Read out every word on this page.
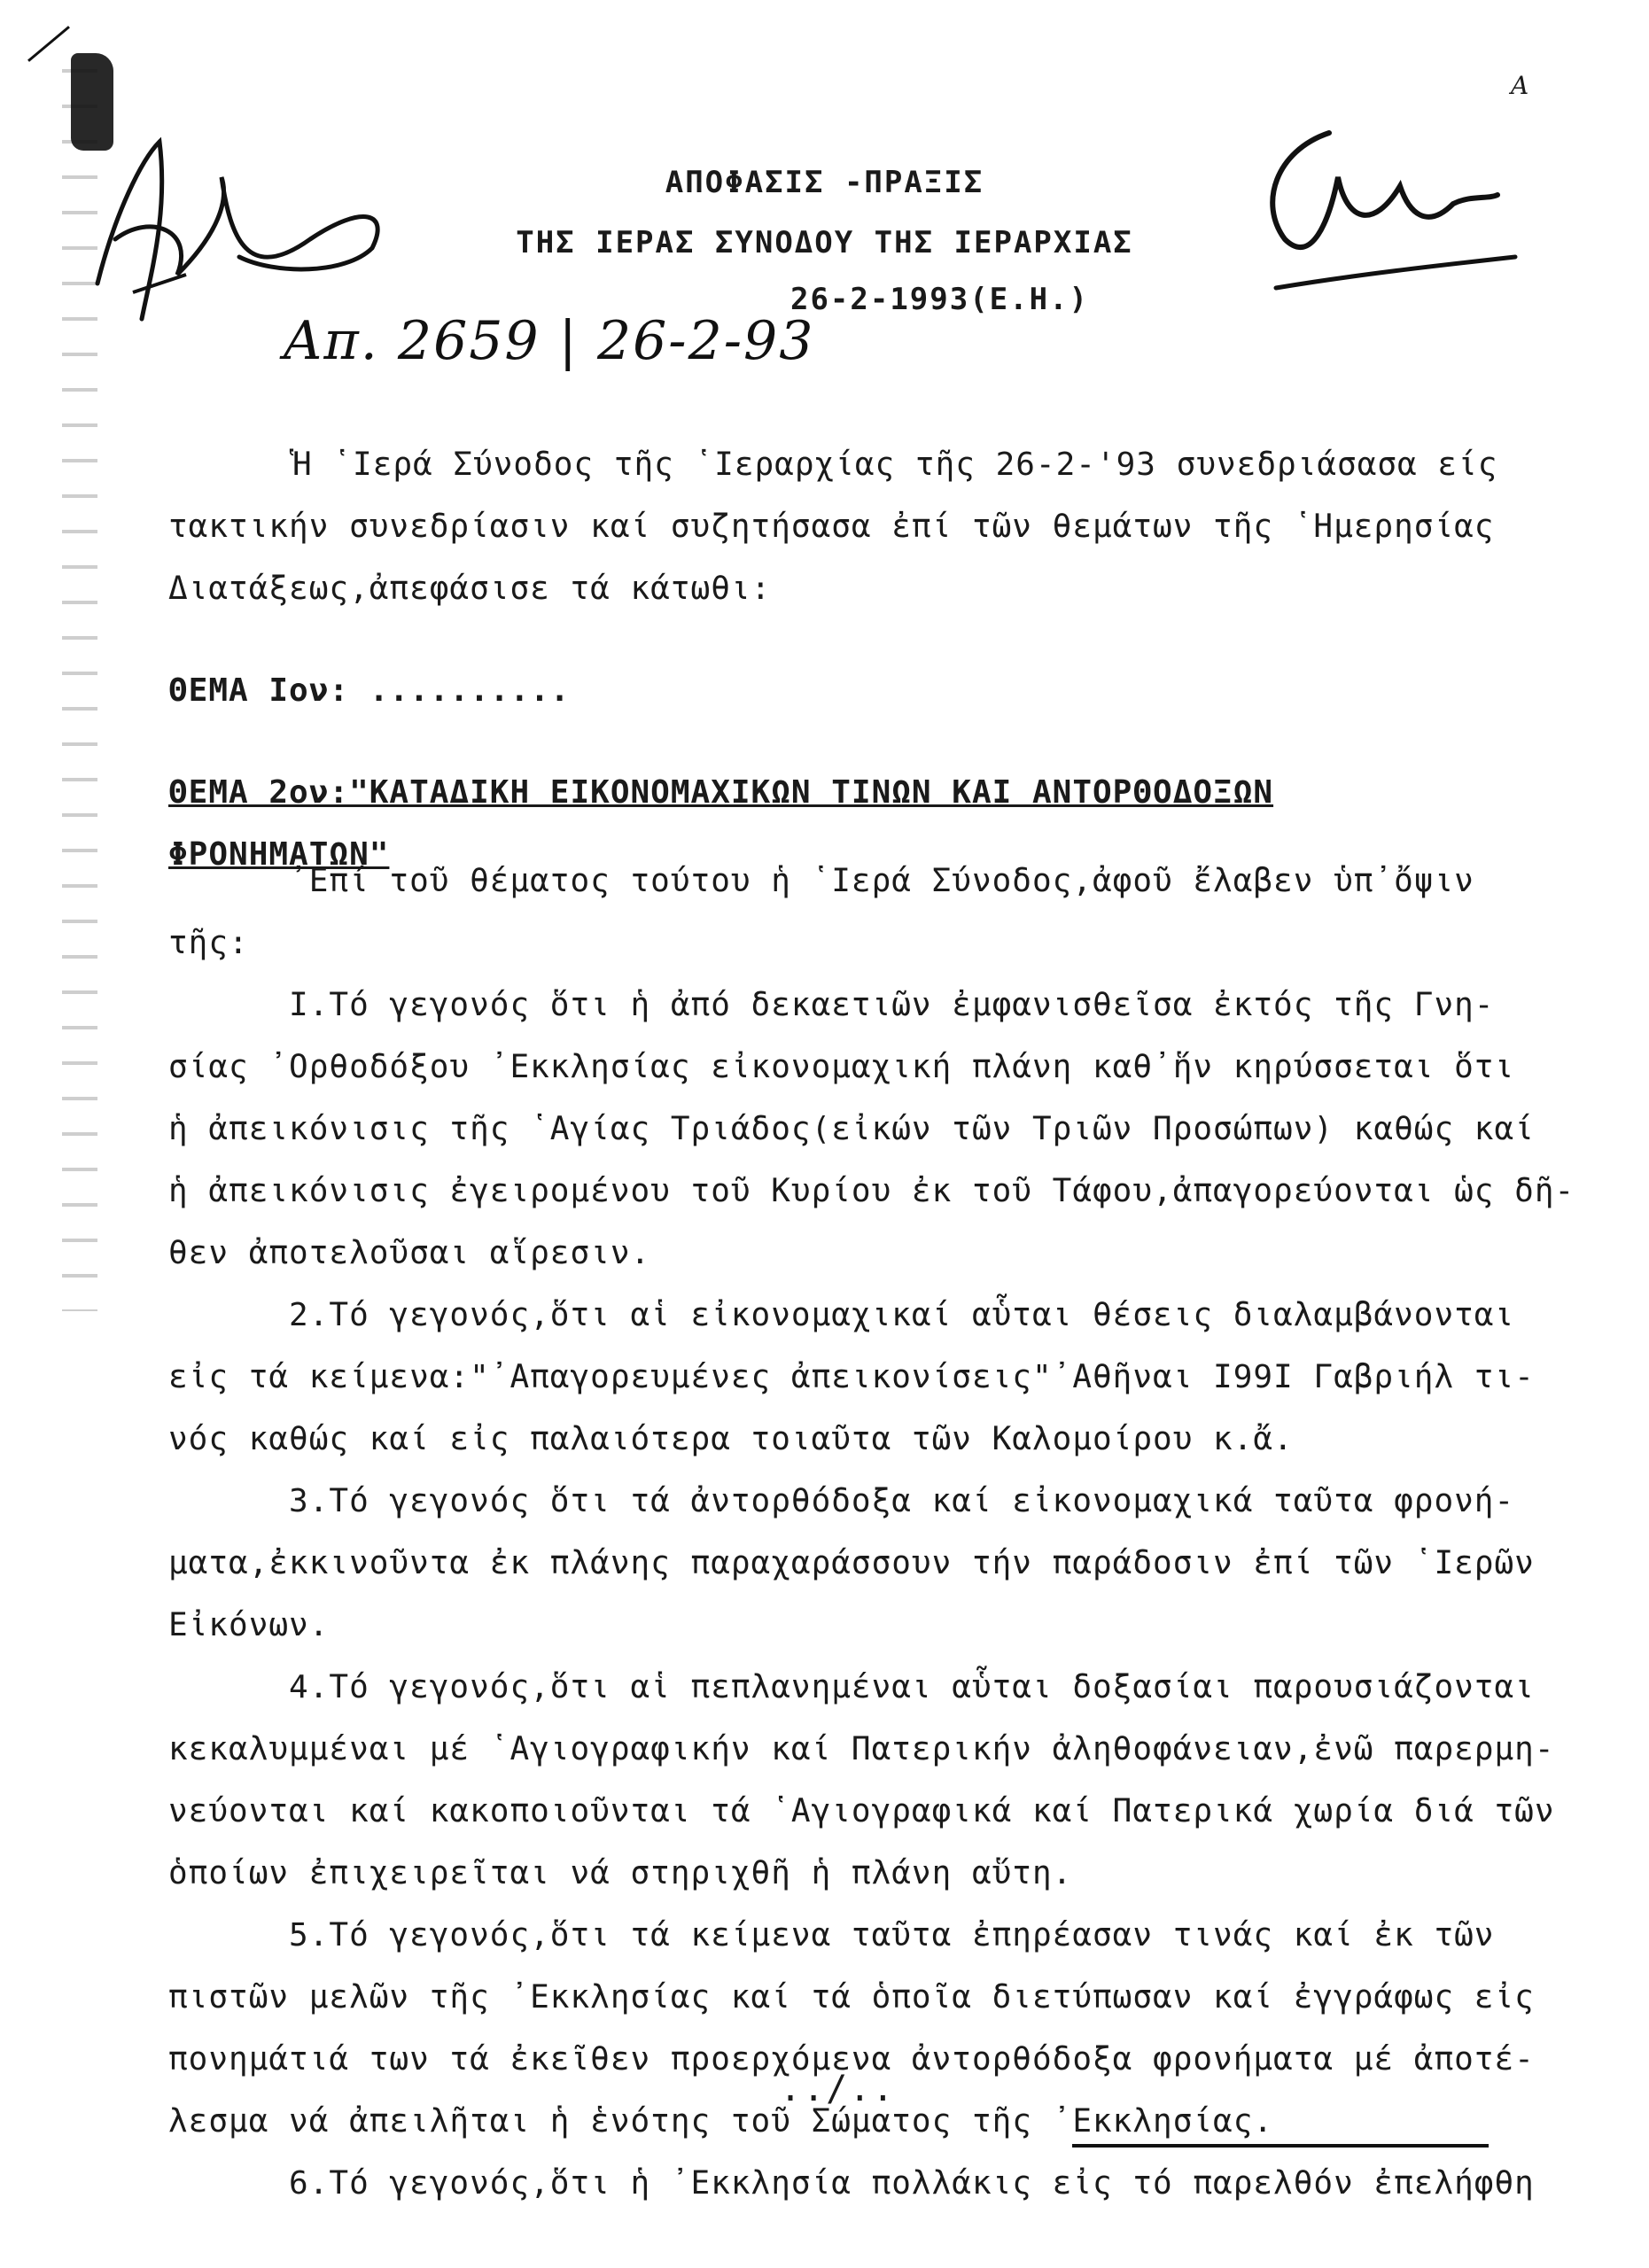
A
ΑΠΟΦΑΣΙΣ -ΠΡΑΞΙΣ
ΤΗΣ ΙΕΡΑΣ ΣΥΝΟΔΟΥ ΤΗΣ ΙΕΡΑΡΧΙΑΣ
26-2-1993(Ε.Η.)
Απ. 2659 | 26-2-93
Ἡ ῾Ιερά Σύνοδος τῆς ῾Ιεραρχίας τῆς 26-2-'93 συνεδριάσασα είς
τακτικήν συνεδρίασιν καί συζητήσασα ἐπί τῶν θεμάτων τῆς ῾Ημερησίας
Διατάξεως,ἀπεφάσισε τά κάτωθι:
ΘΕΜΑ Ιον: ..........
ΘΕΜΑ 2ον:"ΚΑΤΑΔΙΚΗ ΕΙΚΟΝΟΜΑΧΙΚΩΝ ΤΙΝΩΝ ΚΑΙ ΑΝΤΟΡΘΟΔΟΞΩΝ ΦΡΟΝΗΜΑΤΩΝ"
᾿Επί τοῦ θέματος τούτου ἡ ῾Ιερά Σύνοδος,ἀφοῦ ἔλαβεν ὑπ᾿ὄψιν
τῆς:
Ι.Τό γεγονός ὅτι ἡ ἀπό δεκαετιῶν ἐμφανισθεῖσα ἐκτός τῆς Γνη-
σίας ᾿Ορθοδόξου ᾿Εκκλησίας εἰκονομαχική πλάνη καθ᾿ἥν κηρύσσεται ὅτι
ἡ ἀπεικόνισις τῆς ῾Αγίας Τριάδος(εἰκών τῶν Τριῶν Προσώπων) καθώς καί
ἡ ἀπεικόνισις ἐγειρομένου τοῦ Κυρίου ἐκ τοῦ Τάφου,ἀπαγορεύονται ὡς δῆ-
θεν ἀποτελοῦσαι αἵρεσιν.
2.Τό γεγονός,ὅτι αἱ εἰκονομαχικαί αὗται θέσεις διαλαμβάνονται
εἰς τά κείμενα:"᾿Απαγορευμένες ἀπεικονίσεις"᾿Αθῆναι Ι99Ι Γαβριήλ τι-
νός καθώς καί εἰς παλαιότερα τοιαῦτα τῶν Καλομοίρου κ.ἄ.
3.Τό γεγονός ὅτι τά ἀντορθόδοξα καί εἰκονομαχικά ταῦτα φρονή-
ματα,ἐκκινοῦντα ἐκ πλάνης παραχαράσσουν τήν παράδοσιν ἐπί τῶν ῾Ιερῶν
Εἰκόνων.
4.Τό γεγονός,ὅτι αἱ πεπλανημέναι αὗται δοξασίαι παρουσιάζονται
κεκαλυμμέναι μέ ῾Αγιογραφικήν καί Πατερικήν ἀληθοφάνειαν,ἐνῶ παρερμη-
νεύονται καί κακοποιοῦνται τά ῾Αγιογραφικά καί Πατερικά χωρία διά τῶν
ὁποίων ἐπιχειρεῖται νά στηριχθῆ ἡ πλάνη αὕτη.
5.Τό γεγονός,ὅτι τά κείμενα ταῦτα ἐπηρέασαν τινάς καί ἐκ τῶν
πιστῶν μελῶν τῆς ᾿Εκκλησίας καί τά ὁποῖα διετύπωσαν καί ἐγγράφως εἰς
πονημάτιά των τά ἐκεῖθεν προερχόμενα ἀντορθόδοξα φρονήματα μέ ἀποτέ-
λεσμα νά ἀπειλῆται ἡ ἑνότης τοῦ Σώματος τῆς ᾿Εκκλησίας.
6.Τό γεγονός,ὅτι ἡ ᾿Εκκλησία πολλάκις εἰς τό παρελθόν ἐπελήφθη
../..
